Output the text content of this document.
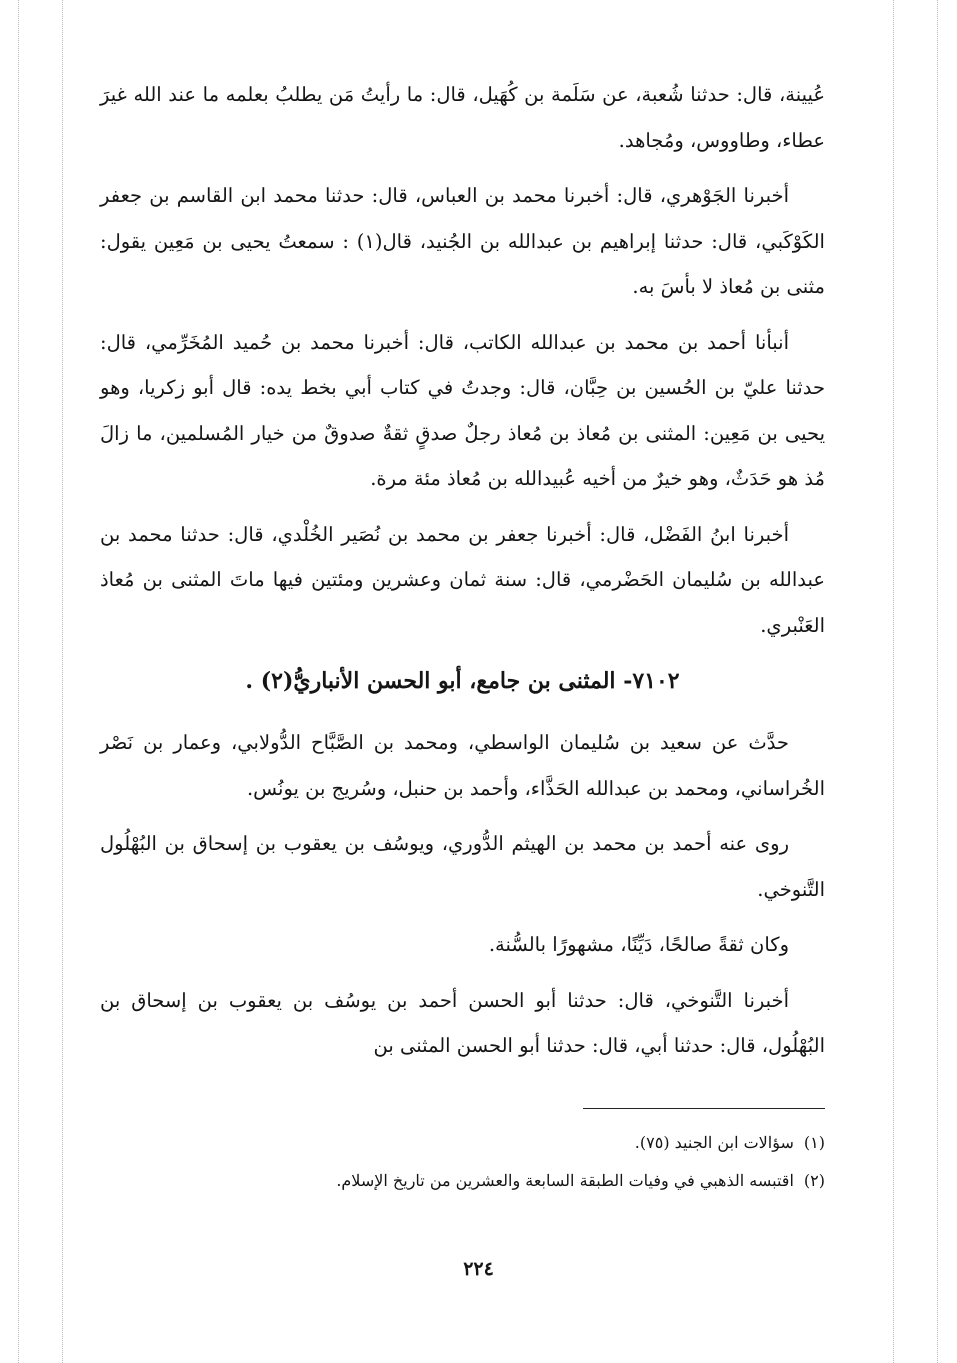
عُيينة، قال: حدثنا شُعبة، عن سَلَمة بن كُهَيل، قال: ما رأيتُ مَن يطلبُ بعلمه ما عند الله غيرَ عطاء، وطاووس، ومُجاهد.

أخبرنا الجَوْهري، قال: أخبرنا محمد بن العباس، قال: حدثنا محمد ابن القاسم بن جعفر الكَوْكَبي، قال: حدثنا إبراهيم بن عبدالله بن الجُنيد، قال(١) : سمعتُ يحيى بن مَعِين يقول: مثنى بن مُعاذ لا بأسَ به.

أنبأنا أحمد بن محمد بن عبدالله الكاتب، قال: أخبرنا محمد بن حُميد المُخَرِّمي، قال: حدثنا عليّ بن الحُسين بن حِبَّان، قال: وجدتُ في كتاب أبي بخط يده: قال أبو زكريا، وهو يحيى بن مَعِين: المثنى بن مُعاذ بن مُعاذ رجلٌ صدقٍ ثقةٌ صدوقٌ من خيار المُسلمين، ما زالَ مُذ هو حَدَثٌ، وهو خيرٌ من أخيه عُبيدالله بن مُعاذ مئة مرة.

أخبرنا ابنُ الفَضْل، قال: أخبرنا جعفر بن محمد بن نُصَير الخُلْدي، قال: حدثنا محمد بن عبدالله بن سُليمان الحَضْرمي، قال: سنة ثمان وعشرين ومئتين فيها ماتَ المثنى بن مُعاذ العَنْبري.

٧١٠٢- المثنى بن جامع، أبو الحسن الأنباريُّ(٢) .

حدَّث عن سعيد بن سُليمان الواسطي، ومحمد بن الصَّبَّاح الدُّولابي، وعمار بن نَصْر الخُراساني، ومحمد بن عبدالله الحَذَّاء، وأحمد بن حنبل، وسُريج بن يونُس.

روى عنه أحمد بن محمد بن الهيثم الدُّوري، ويوسُف بن يعقوب بن إسحاق بن البُهْلُول التَّنوخي.

وكان ثقةً صالحًا، دَيِّنًا، مشهورًا بالسُّنة.

أخبرنا التَّنوخي، قال: حدثنا أبو الحسن أحمد بن يوسُف بن يعقوب بن إسحاق بن البُهْلُول، قال: حدثنا أبي، قال: حدثنا أبو الحسن المثنى بن

(١)سؤالات ابن الجنيد (٧٥).
(٢)اقتبسه الذهبي في وفيات الطبقة السابعة والعشرين من تاريخ الإسلام.
٢٢٤
